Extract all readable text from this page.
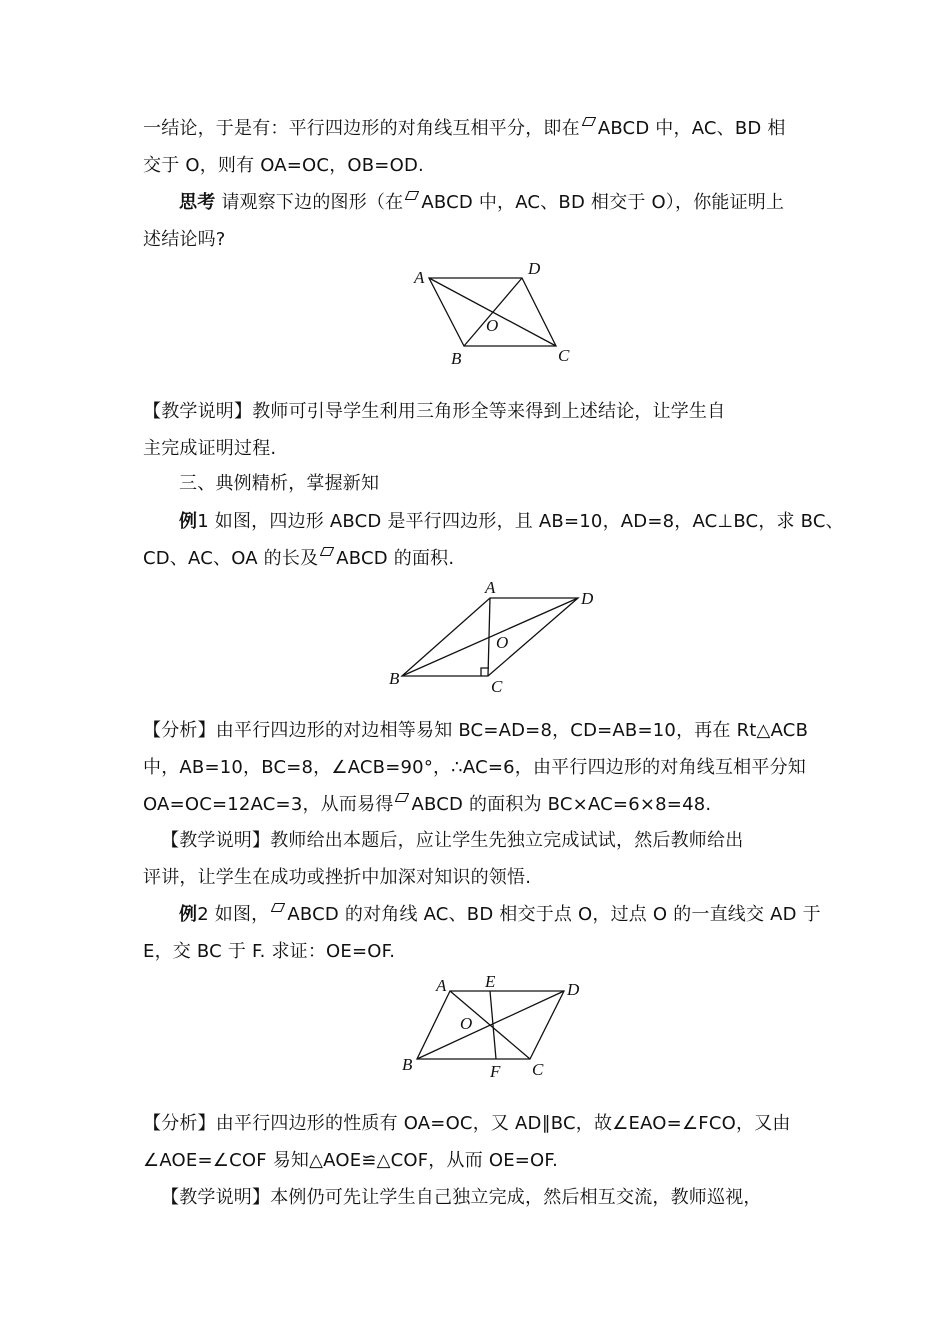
一结论，于是有：平行四边形的对角线互相平分，即在 ABCD 中，AC、BD 相
交于 O，则有 OA=OC，OB=OD.
思考 请观察下边的图形（在 ABCD 中，AC、BD 相交于 O），你能证明上
述结论吗?
A	D
O
B	C
【教学说明】教师可引导学生利用三角形全等来得到上述结论，让学生自
主完成证明过程.
三、典例精析，掌握新知
例1 如图，四边形 ABCD 是平行四边形，且 AB=10，AD=8，AC⊥BC，求 BC、
CD、AC、OA 的长及 ABCD 的面积.
A
D
O
B	C
【分析】由平行四边形的对边相等易知 BC=AD=8，CD=AB=10，再在 Rt△ACB
中，AB=10，BC=8，∠ACB=90°，∴AC=6，由平行四边形的对角线互相平分知
OA=OC=12AC=3，从而易得 ABCD 的面积为 BC×AC=6×8=48.
【教学说明】教师给出本题后，应让学生先独立完成试试，然后教师给出
评讲，让学生在成功或挫折中加深对知识的领悟.
例2 如图， ABCD 的对角线 AC、BD 相交于点 O，过点 O 的一直线交 AD 于
E，交 BC 于 F. 求证：OE=OF.
A E	D
O
B	F C
【分析】由平行四边形的性质有 OA=OC，又 AD∥BC，故∠EAO=∠FCO，又由
∠AOE=∠COF 易知△AOE≌△COF，从而 OE=OF.
【教学说明】本例仍可先让学生自己独立完成，然后相互交流，教师巡视，
